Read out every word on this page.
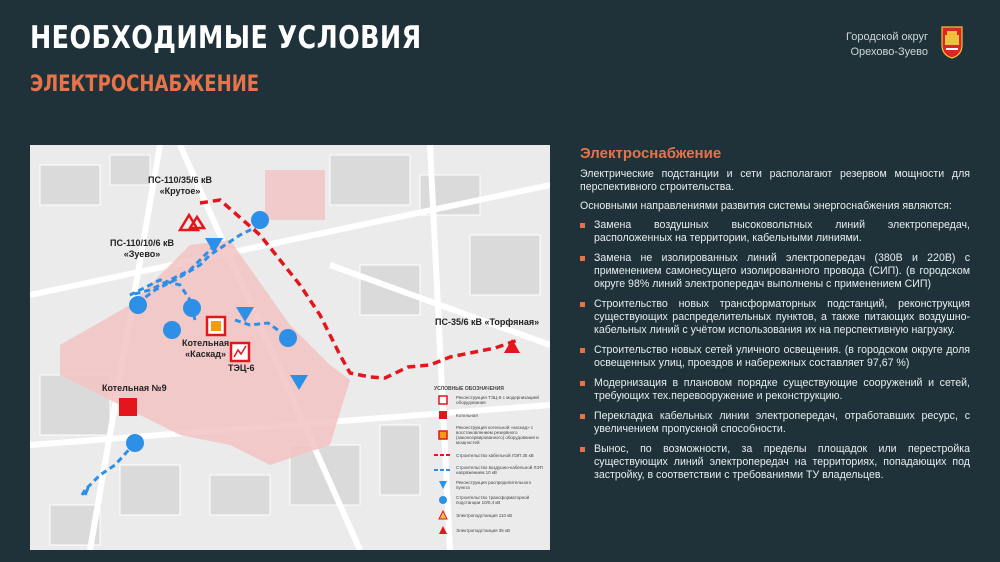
НЕОБХОДИМЫЕ УСЛОВИЯ
ЭЛЕКТРОСНАБЖЕНИЕ
Городской округ
Орехово-Зуево
ПС-110/35/6 кВ
«Крутое»
ПС-110/10/6 кВ
«Зуево»
ПС-35/6 кВ «Торфяная»
Котельная
«Каскад»
ТЭЦ-6
Котельная №9	УСЛОВНЫЕ ОБОЗНАЧЕНИЯ
Реконструкция ТЭЦ-6 с модернизацией оборудования
Котельная
Реконструкция котельной «каскад» с восстановлением резервного (законсервированного) оборудования и мощностей
Строительство кабельной ЛЭП 35 кВ
Строительство воздушно-кабельной ЛЭП напряжением 10 кВ
Реконструкция распределительного пункта
Строительство трансформаторной подстанции 10/0,4 кВ
Электроподстанция 110 кВ
Электроподстанция 35 кВ
Электроснабжение

Электрические подстанции и сети располагают резервом мощности для перспективного строительства.

Основными направлениями развития системы энергоснабжения являются:

Замена воздушных высоковольтных линий электропередач, расположенных на территории, кабельными линиями.
Замена не изолированных линий электропередач (380В и 220В) с применением самонесущего изолированного провода (СИП). (в городском округе 98% линий электропередач выполнены с применением СИП)
Строительство новых трансформаторных подстанций, реконструкция существующих распределительных пунктов, а также питающих воздушно-кабельных линий с учётом использования их на перспективную нагрузку.
Строительство новых сетей уличного освещения. (в городском округе доля освещенных улиц, проездов и набережных составляет 97,67 %)
Модернизация в плановом порядке существующие сооружений и сетей, требующих тех.перевооружение и реконструкцию.
Перекладка кабельных линии электропередач, отработавших ресурс, с увеличением пропускной способности.
Вынос, по возможности, за пределы площадок или перестройка существующих линий электропередач на территориях, попадающих под застройку, в соответствии с требованиями ТУ владельцев.
